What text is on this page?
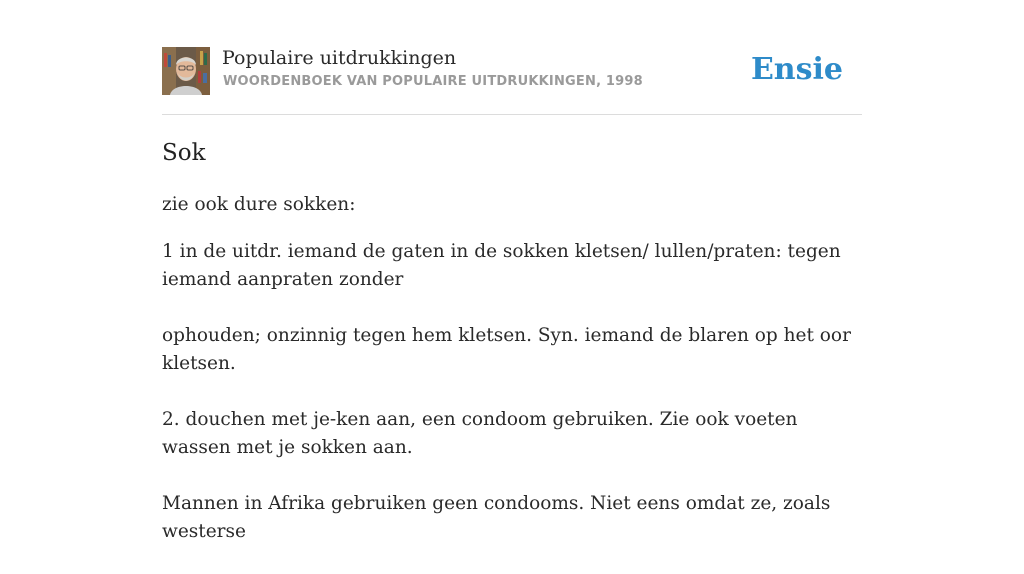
Populaire uitdrukkingen
WOORDENBOEK VAN POPULAIRE UITDRUKKINGEN, 1998	Ensie
Sok

zie ook dure sokken:

1 in de uitdr. iemand de gaten in de sokken kletsen/ lullen/praten: tegen iemand aanpraten zonder

ophouden; onzinnig tegen hem kletsen. Syn. iemand de blaren op het oor kletsen.

2. douchen met je-ken aan, een condoom gebruiken. Zie ook voeten wassen met je sokken aan.

Mannen in Afrika gebruiken geen condooms. Niet eens omdat ze, zoals westerse
